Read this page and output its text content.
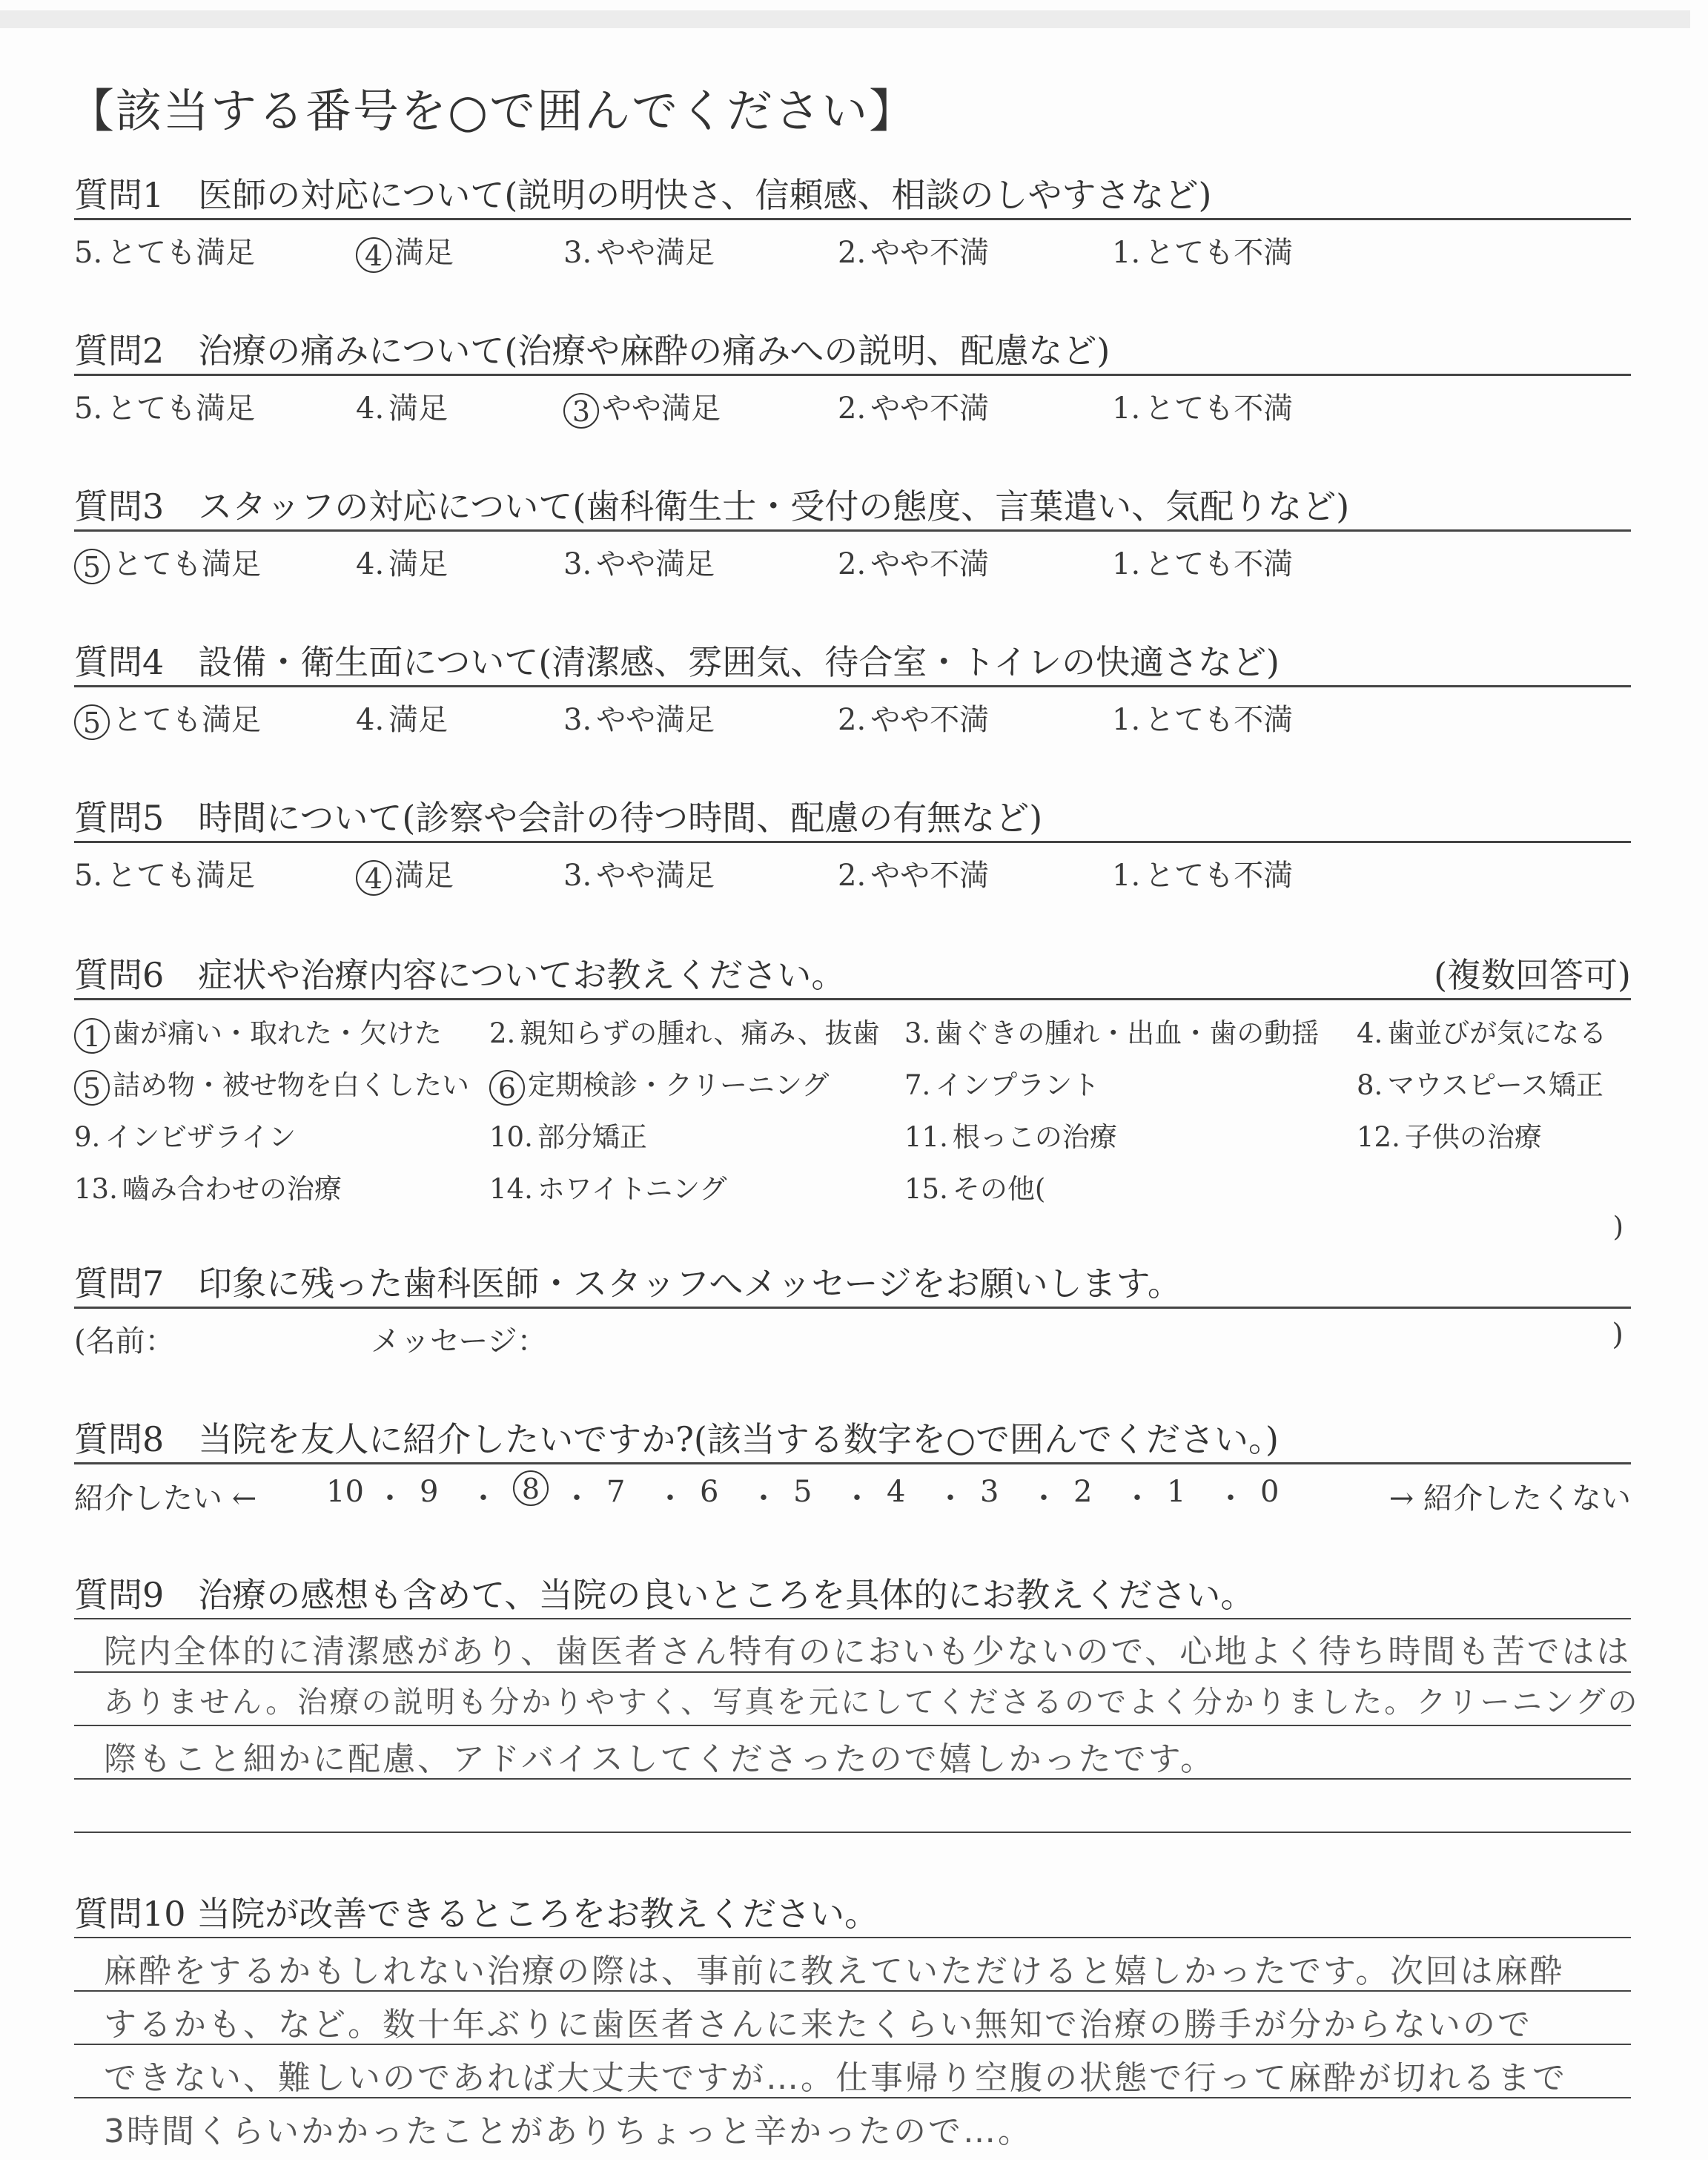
【該当する番号を○で囲んでください】
質問1　医師の対応について(説明の明快さ、信頼感、相談のしやすさなど)
5. とても満足	4 満足	3. やや満足	2. やや不満	1. とても不満
質問2　治療の痛みについて(治療や麻酔の痛みへの説明、配慮など)
5. とても満足	4. 満足	3 やや満足	2. やや不満	1. とても不満
質問3　スタッフの対応について(歯科衛生士・受付の態度、言葉遣い、気配りなど)
5 とても満足	4. 満足	3. やや満足	2. やや不満	1. とても不満
質問4　設備・衛生面について(清潔感、雰囲気、待合室・トイレの快適さなど)
5 とても満足	4. 満足	3. やや満足	2. やや不満	1. とても不満
質問5　時間について(診察や会計の待つ時間、配慮の有無など)
5. とても満足	4 満足	3. やや満足	2. やや不満	1. とても不満
質問6　症状や治療内容についてお教えください。	(複数回答可)
)
1 歯が痛い・取れた・欠けた 2. 親知らずの腫れ、痛み、抜歯 3. 歯ぐきの腫れ・出血・歯の動揺 4. 歯並びが気になる
5 詰め物・被せ物を白くしたい	6 定期検診・クリーニング	7. インプラント	8. マウスピース矯正
9. インビザライン	10. 部分矯正	11. 根っこの治療	12. 子供の治療
13. 嚙み合わせの治療	14. ホワイトニング	15. その他(
質問7　印象に残った歯科医師・スタッフへメッセージをお願いします。
(名前：	メッセージ：	)
質問8　当院を友人に紹介したいですか?(該当する数字を○で囲んでください。)
紹介したい ←	→ 紹介したくない
10 ・ 9 ・ 8 ・ 7 ・ 6 ・ 5 ・ 4 ・ 3 ・ 2 ・ 1 ・ 0
質問9　治療の感想も含めて、当院の良いところを具体的にお教えください。
院内全体的に清潔感があり、歯医者さん特有のにおいも少ないので、心地よく待ち時間も苦ではは
ありません。治療の説明も分かりやすく、写真を元にしてくださるのでよく分かりました。クリーニングの
際もこと細かに配慮、アドバイスしてくださったので嬉しかったです。
質問10 当院が改善できるところをお教えください。
麻酔をするかもしれない治療の際は、事前に教えていただけると嬉しかったです。次回は麻酔
するかも、など。数十年ぶりに歯医者さんに来たくらい無知で治療の勝手が分からないので
できない、難しいのであれば大丈夫ですが…。仕事帰り空腹の状態で行って麻酔が切れるまで
3時間くらいかかったことがありちょっと辛かったので…。
